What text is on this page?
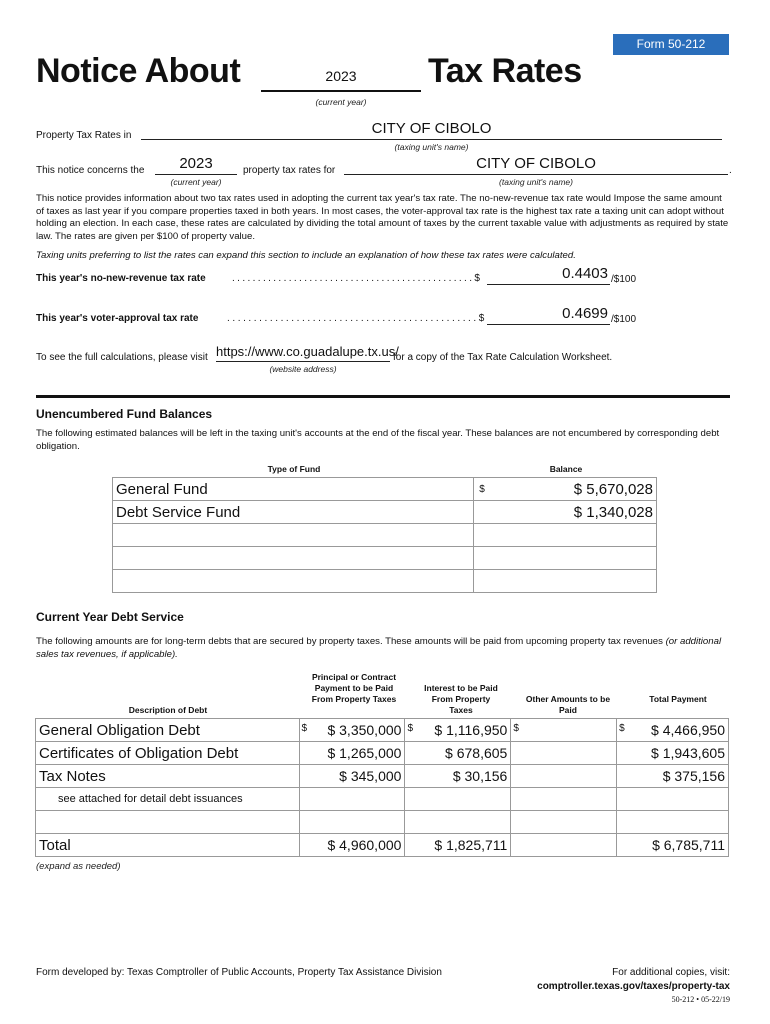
Form 50-212
Notice About	2023	Tax Rates
(current year)
Property Tax Rates in	CITY OF CIBOLO
(taxing unit's name)
This notice concerns the	2023
(current year)
property tax rates for	.
CITY OF CIBOLO
(taxing unit's name)
This notice provides information about two tax rates used in adopting the current tax year's tax rate. The no-new-revenue tax rate would Impose the same amount of taxes as last year if you compare properties taxed in both years. In most cases, the voter-approval tax rate is the highest tax rate a taxing unit can adopt without holding an election. In each case, these rates are calculated by dividing the total amount of taxes by the current taxable value with adjustments as required by state law. The rates are given per $100 of property value.
Taxing units preferring to list the rates can expand this section to include an explanation of how these tax rates were calculated.
This year's no-new-revenue tax rate	. . . . . . . . . . . . . . . . . . . . . . . . . . . . . . . . . . . . . . . . . . . . . . . $	0.4403 /$100
This year's voter-approval tax rate	. . . . . . . . . . . . . . . . . . . . . . . . . . . . . . . . . . . . . . . . . . . . . . . $	0.4699 /$100
To see the full calculations, please visit https://www.co.guadalupe.tx.us/
(website address)
for a copy of the Tax Rate Calculation Worksheet.
Unencumbered Fund Balances
The following estimated balances will be left in the taxing unit's accounts at the end of the fiscal year. These balances are not encumbered by corresponding debt obligation.
Type of Fund	Balance
General Fund	$ $ 5,670,028
Debt Service Fund	$ 1,340,028

Current Year Debt Service
The following amounts are for long-term debts that are secured by property taxes. These amounts will be paid from upcoming property tax revenues (or additional sales tax revenues, if applicable).
Description of Debt
Principal or Contract Payment to be Paid From Property Taxes
Interest to be Paid From Property Taxes
Other Amounts to be Paid
Total Payment
General Obligation Debt	$ $ 3,350,000	$ $ 1,116,950	$	$ $ 4,466,950
Certificates of Obligation Debt	$ 1,265,000	$ 678,605		$ 1,943,605
Tax Notes	$ 345,000	$ 30,156		$ 375,156
see attached for detail debt issuances				

Total	$ 4,960,000	$ 1,825,711		$ 6,785,711
(expand as needed)
Form developed by: Texas Comptroller of Public Accounts, Property Tax Assistance Division	For additional copies, visit:
comptroller.texas.gov/taxes/property-tax
50-212 • 05-22/19
